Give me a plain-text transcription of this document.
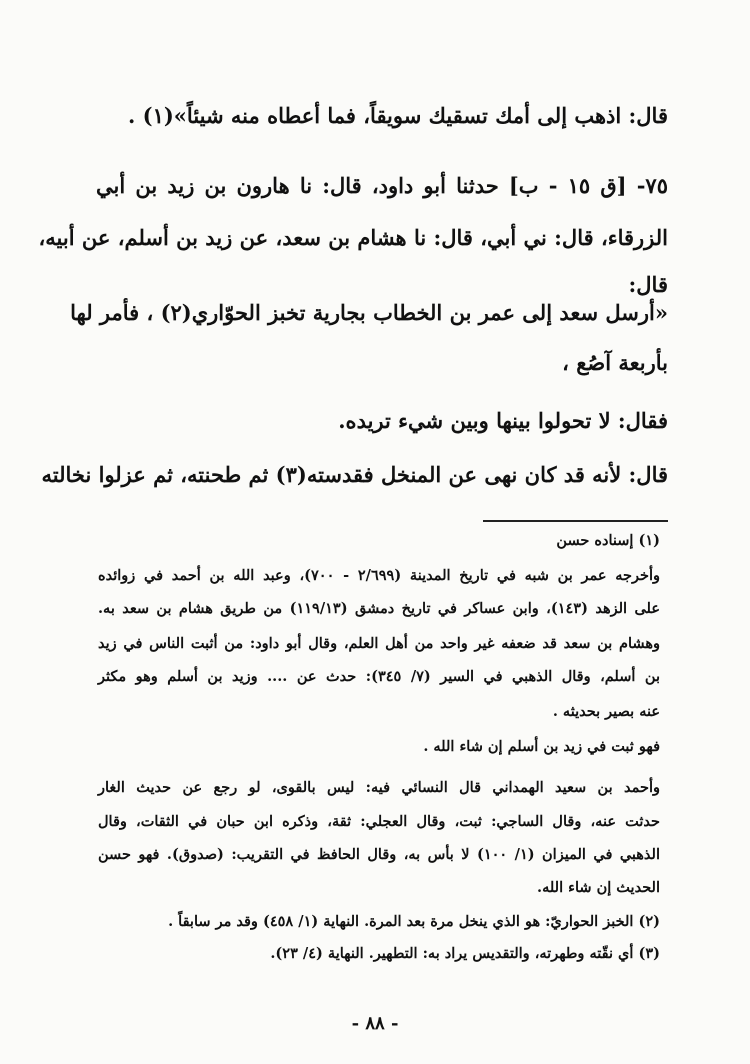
قال: اذهب إلى أمك تسقيك سويقاً، فما أعطاه منه شيئاً»(١) .
٧٥- [ق ١٥ - ب] حدثنا أبو داود، قال: نا هارون بن زيد بن أبي
الزرقاء، قال: ني أبي، قال: نا هشام بن سعد، عن زيد بن أسلم، عن أبيه،
قال:
«أرسل سعد إلى عمر بن الخطاب بجارية تخبز الحوّاري(٢) ، فأمر لها
بأربعة آصُع ،
فقال: لا تحولوا بينها وبين شيء تريده.
قال: لأنه قد كان نهى عن المنخل فقدسته(٣) ثم طحنته، ثم عزلوا نخالته
(١) إسناده حسن
وأخرجه عمر بن شبه في تاريخ المدينة (٢/٦٩٩ - ٧٠٠)، وعبد الله بن أحمد في زوائده
على الزهد (١٤٣)، وابن عساكر في تاريخ دمشق (١١٩/١٣) من طريق هشام بن سعد به.
وهشام بن سعد قد ضعفه غير واحد من أهل العلم، وقال أبو داود: من أثبت الناس في زيد
بن أسلم، وقال الذهبي في السير (٧/ ٣٤٥): حدث عن .... وزيد بن أسلم وهو مكثر
عنه بصير بحديثه .
فهو ثبت في زيد بن أسلم إن شاء الله .
وأحمد بن سعيد الهمداني قال النسائي فيه: ليس بالقوى، لو رجع عن حديث الغار
حدثت عنه، وقال الساجي: ثبت، وقال العجلي: ثقة، وذكره ابن حبان في الثقات، وقال
الذهبي في الميزان (١/ ١٠٠) لا بأس به، وقال الحافظ في التقريب: (صدوق). فهو حسن
الحديث إن شاء الله.
(٢) الخبز الحواريّ: هو الذي ينخل مرة بعد المرة. النهاية (١/ ٤٥٨) وقد مر سابقاً .
(٣) أي نقّته وطهرته، والتقديس يراد به: التطهير. النهاية (٤/ ٢٣).
- ٨٨ -
